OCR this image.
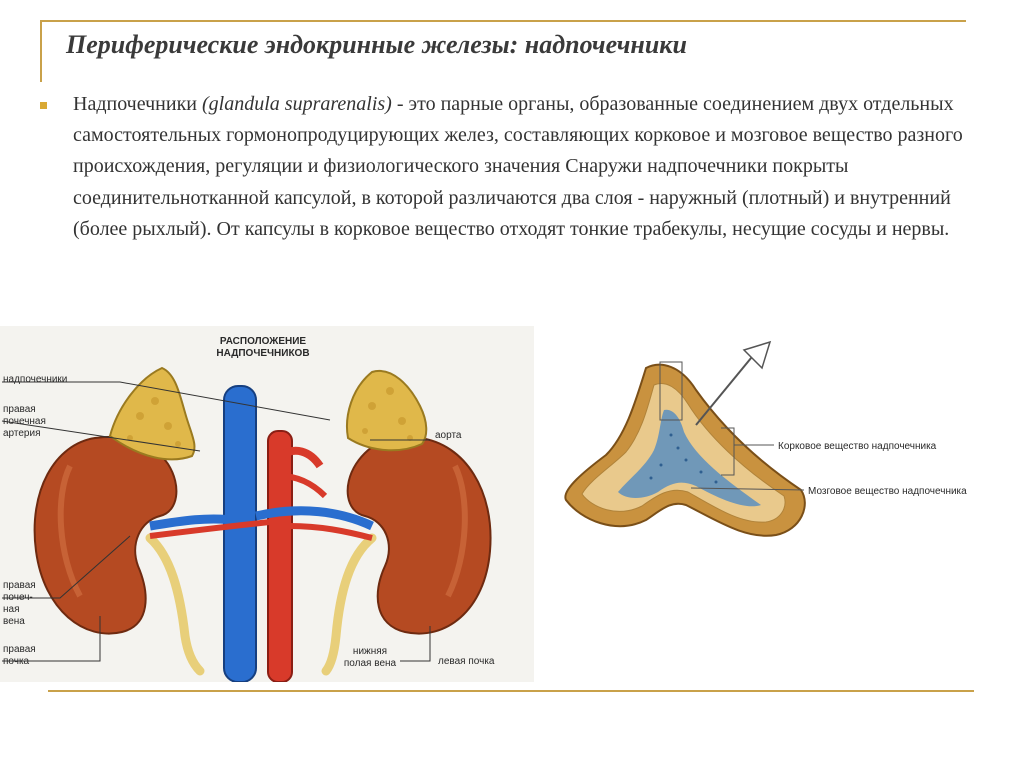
Периферические эндокринные железы: надпочечники

Надпочечники (glandula suprarenalis) - это парные органы, образованные соединением двух отдельных самостоятельных гормонопродуцирующих желез, составляющих корковое и мозговое вещество разного происхождения, регуляции и физиологического значения Снаружи надпочечники покрыты соединительнотканной капсулой, в которой различаются два слоя - наружный (плотный) и внутренний (более рыхлый). От капсулы в корковое вещество отходят тонкие трабекулы, несущие сосуды и нервы.

РАСПОЛОЖЕНИЕ
НАДПОЧЕЧНИКОВ
надпочечники
правая
почечная
артерия	аорта
правая
почеч-
ная
вена
правая
почка
нижняя
полая вена	левая почка
Корковое вещество надпочечника
Мозговое вещество надпочечника
